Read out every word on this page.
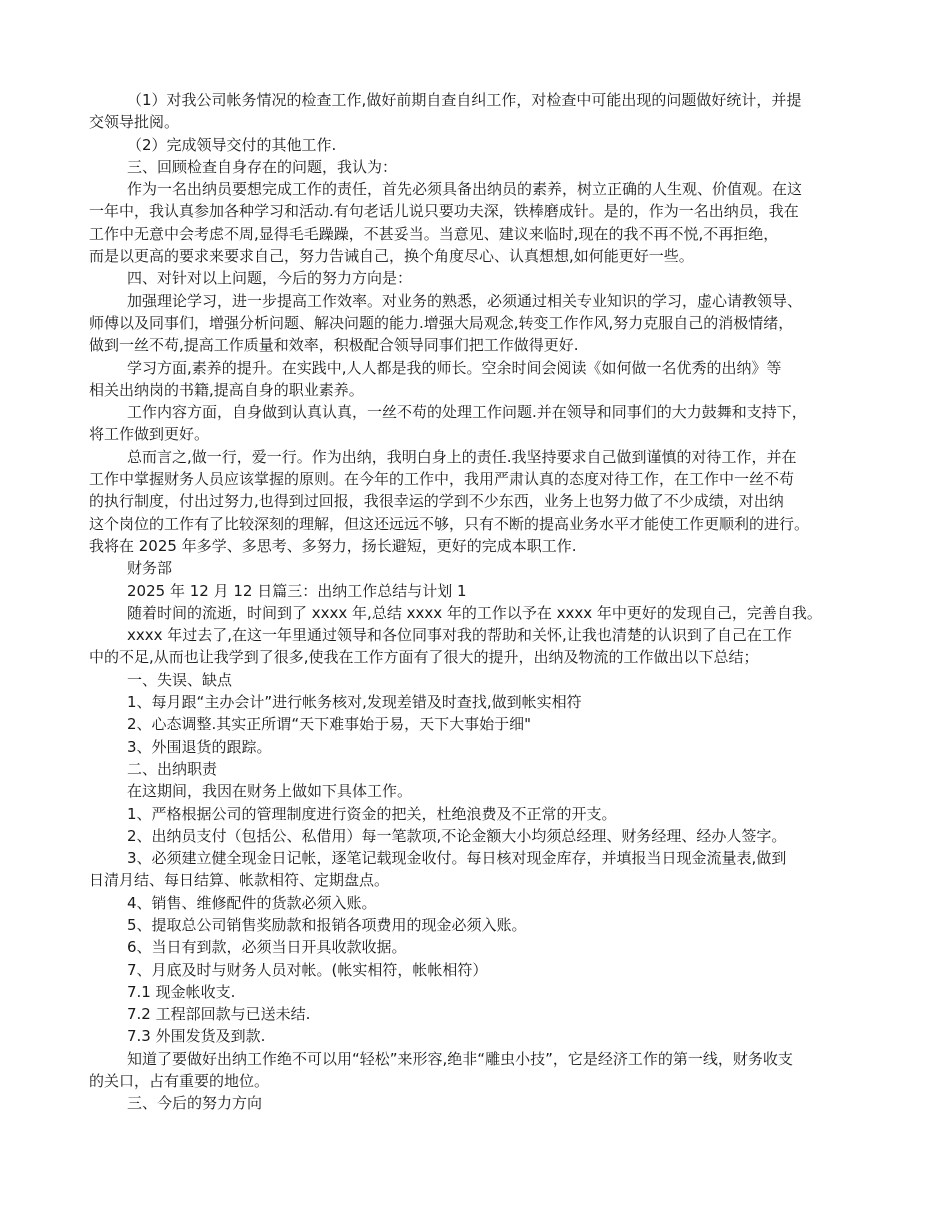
（1）对我公司帐务情况的检查工作,做好前期自查自纠工作，对检查中可能出现的问题做好统计，并提
交领导批阅。
（2）完成领导交付的其他工作.
三、回顾检查自身存在的问题，我认为：
作为一名出纳员要想完成工作的责任，首先必须具备出纳员的素养，树立正确的人生观、价值观。在这
一年中，我认真参加各种学习和活动.有句老话儿说只要功夫深，铁棒磨成针。是的，作为一名出纳员，我在
工作中无意中会考虑不周,显得毛毛躁躁，不甚妥当。当意见、建议来临时,现在的我不再不悦,不再拒绝，
而是以更高的要求来要求自己，努力告诫自己，换个角度尽心、认真想想,如何能更好一些。
四、对针对以上问题，今后的努力方向是：
加强理论学习，进一步提高工作效率。对业务的熟悉，必须通过相关专业知识的学习，虚心请教领导、
师傅以及同事们，增强分析问题、解决问题的能力.增强大局观念,转变工作作风,努力克服自己的消极情绪，
做到一丝不苟,提高工作质量和效率，积极配合领导同事们把工作做得更好.
学习方面,素养的提升。在实践中,人人都是我的师长。空余时间会阅读《如何做一名优秀的出纳》等
相关出纳岗的书籍,提高自身的职业素养。
工作内容方面，自身做到认真认真，一丝不苟的处理工作问题.并在领导和同事们的大力鼓舞和支持下，
将工作做到更好。
总而言之,做一行，爱一行。作为出纳，我明白身上的责任.我坚持要求自己做到谨慎的对待工作，并在
工作中掌握财务人员应该掌握的原则。在今年的工作中，我用严肃认真的态度对待工作，在工作中一丝不苟
的执行制度，付出过努力,也得到过回报，我很幸运的学到不少东西，业务上也努力做了不少成绩，对出纳
这个岗位的工作有了比较深刻的理解，但这还远远不够，只有不断的提高业务水平才能使工作更顺利的进行。
我将在 2025 年多学、多思考、多努力，扬长避短，更好的完成本职工作.
财务部
2025 年 12 月 12 日篇三：出纳工作总结与计划 1
随着时间的流逝，时间到了 xxxx 年,总结 xxxx 年的工作以予在 xxxx 年中更好的发现自己，完善自我。
xxxx 年过去了,在这一年里通过领导和各位同事对我的帮助和关怀,让我也清楚的认识到了自己在工作
中的不足,从而也让我学到了很多,使我在工作方面有了很大的提升，出纳及物流的工作做出以下总结；
一、失误、缺点
1、每月跟“主办会计”进行帐务核对,发现差错及时查找,做到帐实相符
2、心态调整.其实正所谓“天下难事始于易，天下大事始于细"
3、外围退货的跟踪。
二、出纳职责
在这期间，我因在财务上做如下具体工作。
1、严格根据公司的管理制度进行资金的把关，杜绝浪费及不正常的开支。
2、出纳员支付（包括公、私借用）每一笔款项,不论金额大小均须总经理、财务经理、经办人签字。
3、必须建立健全现金日记帐，逐笔记载现金收付。每日核对现金库存，并填报当日现金流量表,做到
日清月结、每日结算、帐款相符、定期盘点。
4、销售、维修配件的货款必须入账。
5、提取总公司销售奖励款和报销各项费用的现金必须入账。
6、当日有到款，必须当日开具收款收据。
7、月底及时与财务人员对帐。(帐实相符，帐帐相符）
7.1 现金帐收支.
7.2 工程部回款与已送未结.
7.3 外围发货及到款.
知道了要做好出纳工作绝不可以用“轻松”来形容,绝非“雕虫小技”，它是经济工作的第一线，财务收支
的关口，占有重要的地位。
三、今后的努力方向
